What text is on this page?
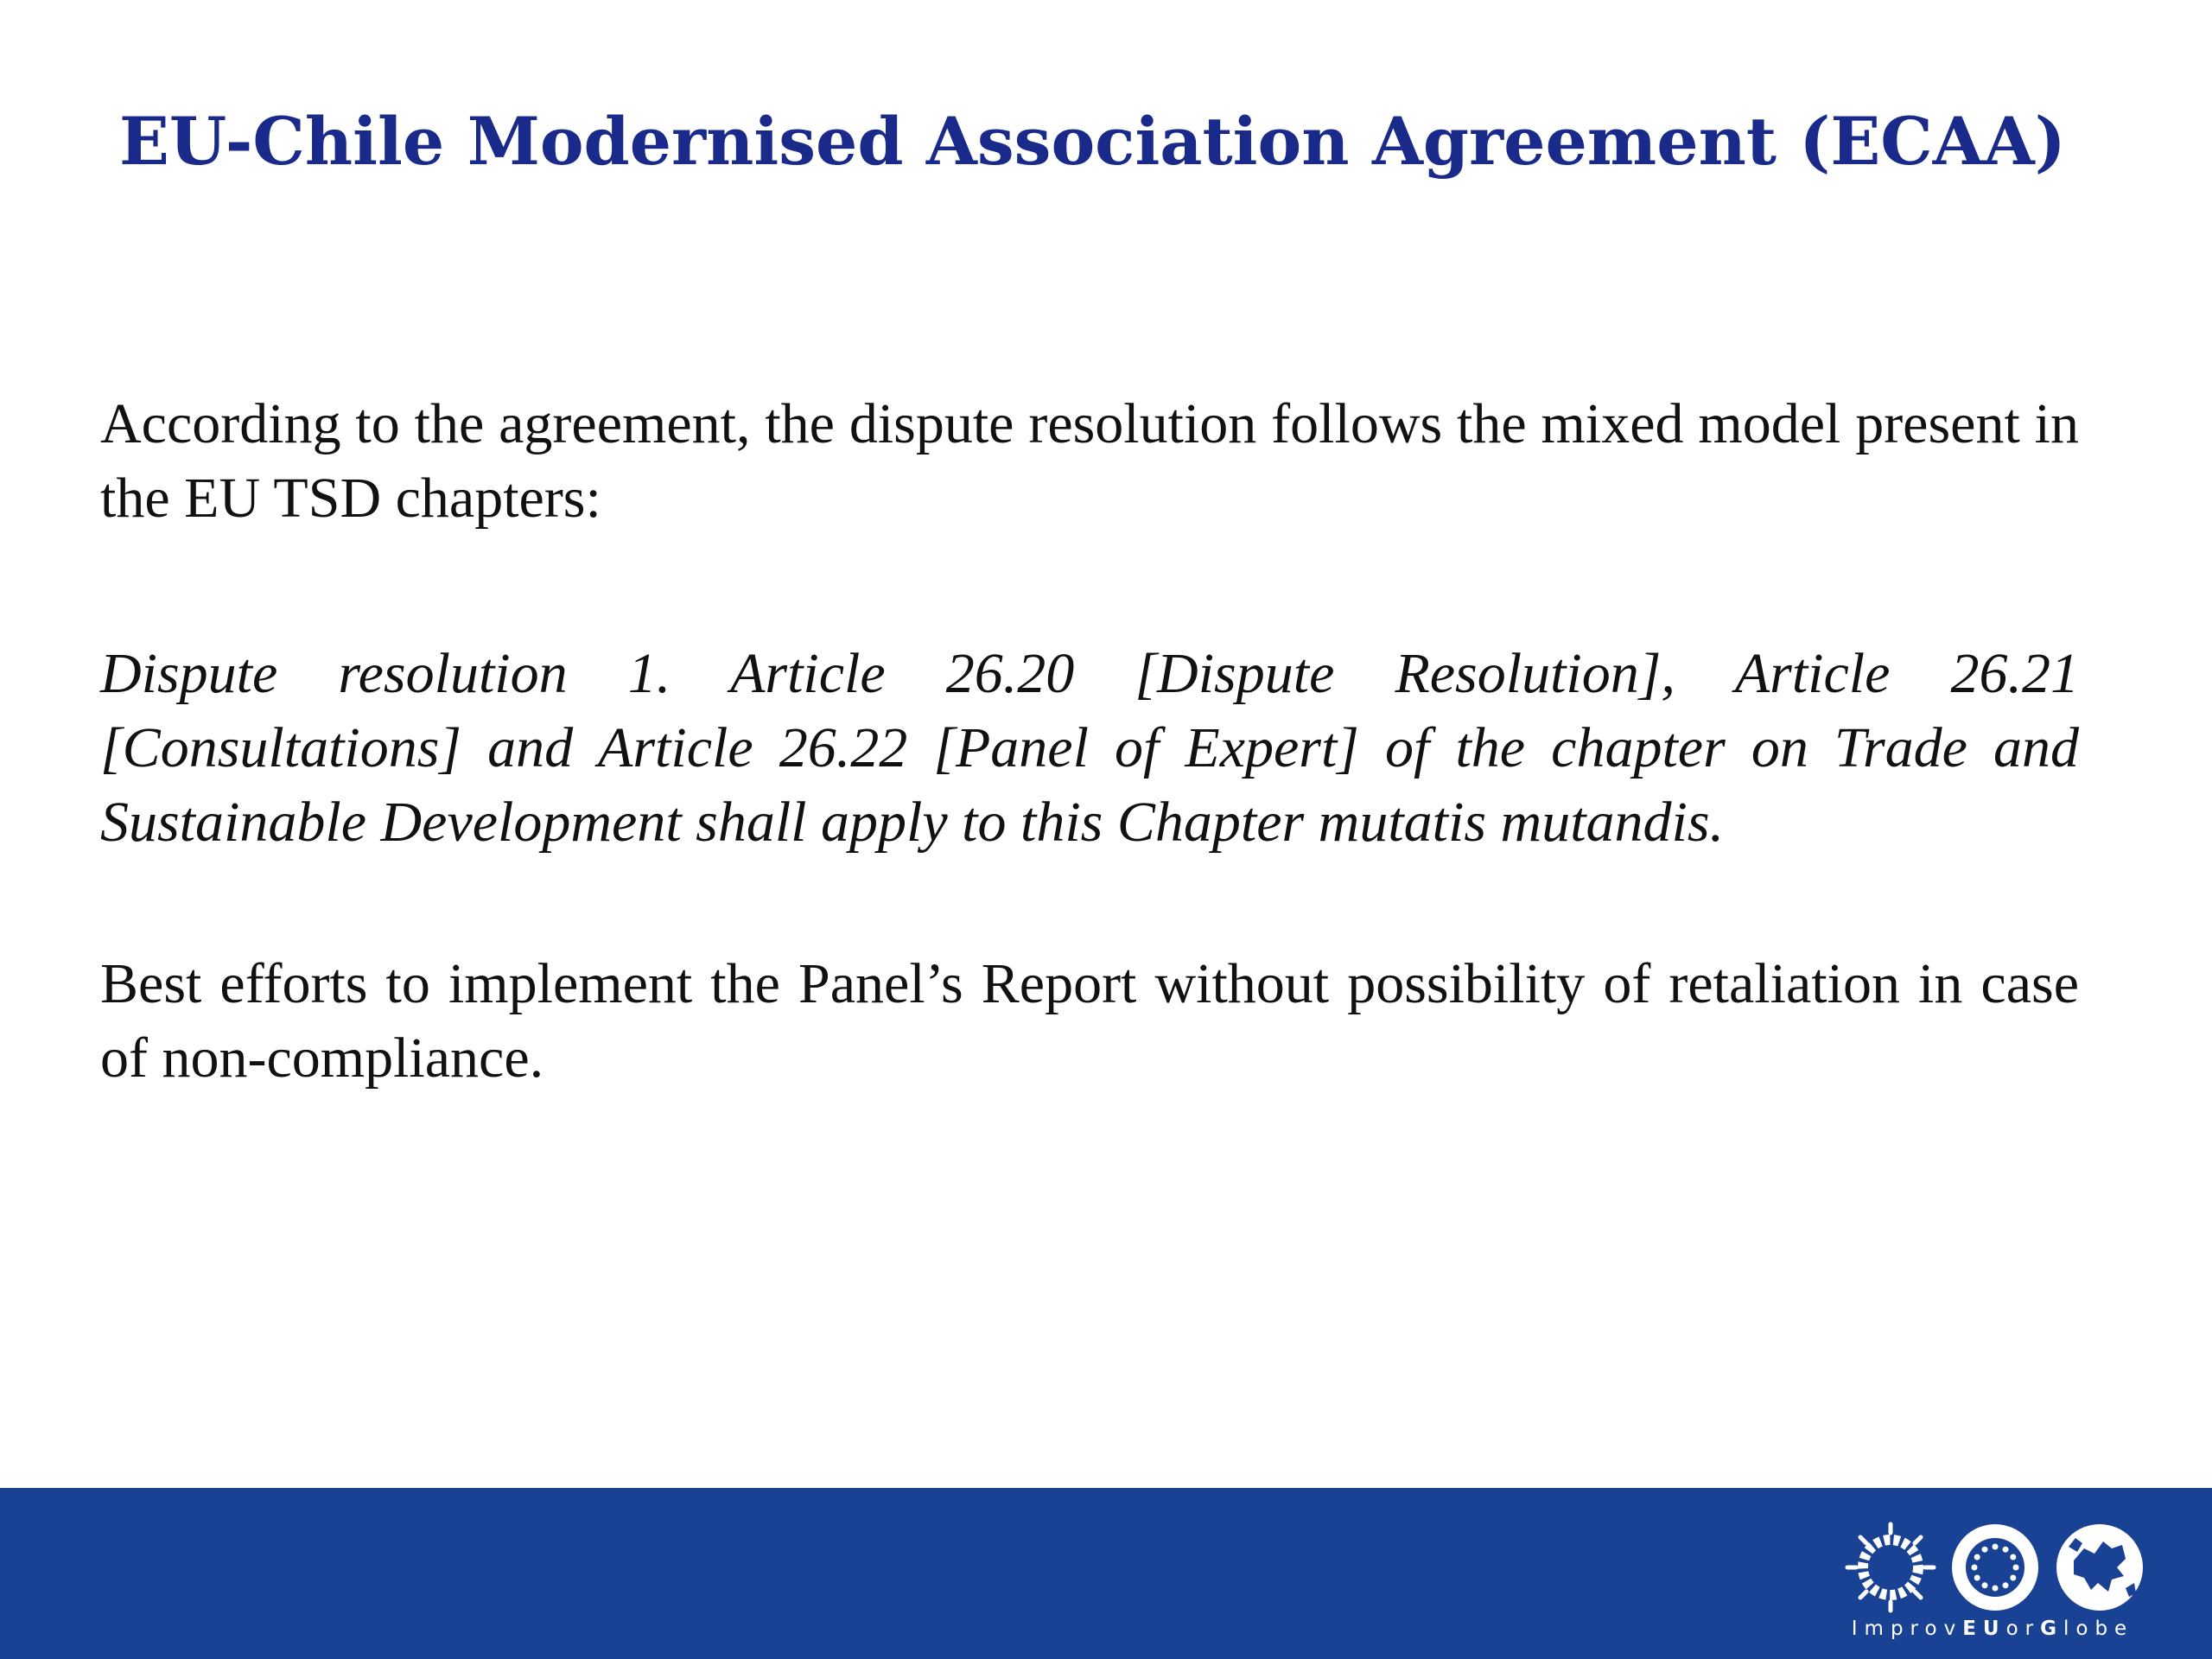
EU-Chile Modernised Association Agreement (ECAA)

According to the agreement, the dispute resolution follows the mixed model present in the EU TSD chapters:

Dispute resolution 1. Article 26.20 [Dispute Resolution], Article 26.21 [Consultations] and Article 26.22 [Panel of Expert] of the chapter on Trade and Sustainable Development shall apply to this Chapter mutatis mutandis.

Best efforts to implement the Panel’s Report without possibility of retaliation in case of non-compliance.

ImprovEUorGlobe
